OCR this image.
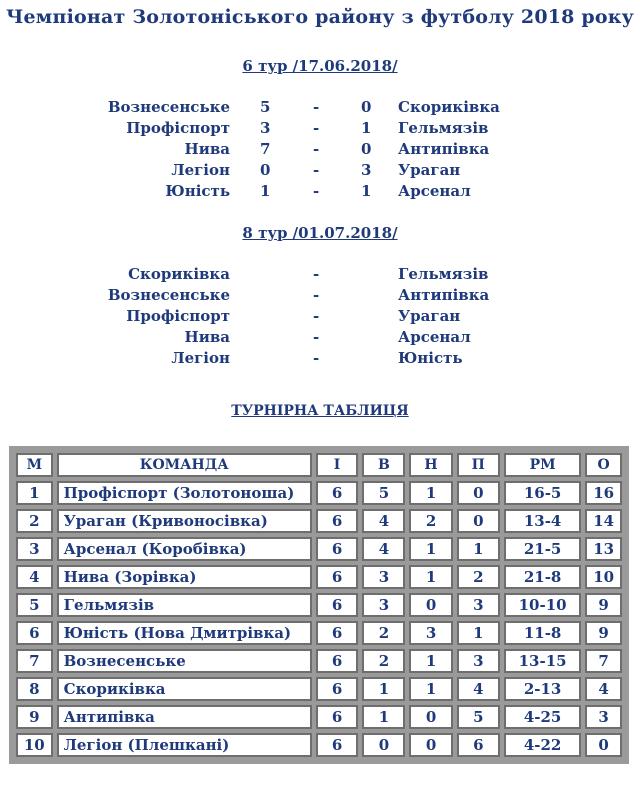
Чемпіонат Золотоніського району з футболу 2018 року
6 тур /17.06.2018/
Вознесенське 5	-	0 Скориківка
Профіспорт 3	-	1 Гельмязів
Нива 7	-	0 Антипівка
Легіон 0	-	3 Ураган
Юність 1	-	1 Арсенал
8 тур /01.07.2018/
Скориківка	-	Гельмязів
Вознесенське	-	Антипівка
Профіспорт	-	Ураган
Нива	-	Арсенал
Легіон	-	Юність
ТУРНІРНА ТАБЛИЦЯ
М	КОМАНДА	І	В	Н	П	РМ	О
1	Профіспорт (Золотоноша)	6	5	1	0	16-5	16
2	Ураган (Кривоносівка)	6	4	2	0	13-4	14
3	Арсенал (Коробівка)	6	4	1	1	21-5	13
4	Нива (Зорівка)	6	3	1	2	21-8	10
5	Гельмязів	6	3	0	3	10-10	9
6	Юність (Нова Дмитрівка)	6	2	3	1	11-8	9
7	Вознесенське	6	2	1	3	13-15	7
8	Скориківка	6	1	1	4	2-13	4
9	Антипівка	6	1	0	5	4-25	3
10	Легіон (Плешкані)	6	0	0	6	4-22	0
